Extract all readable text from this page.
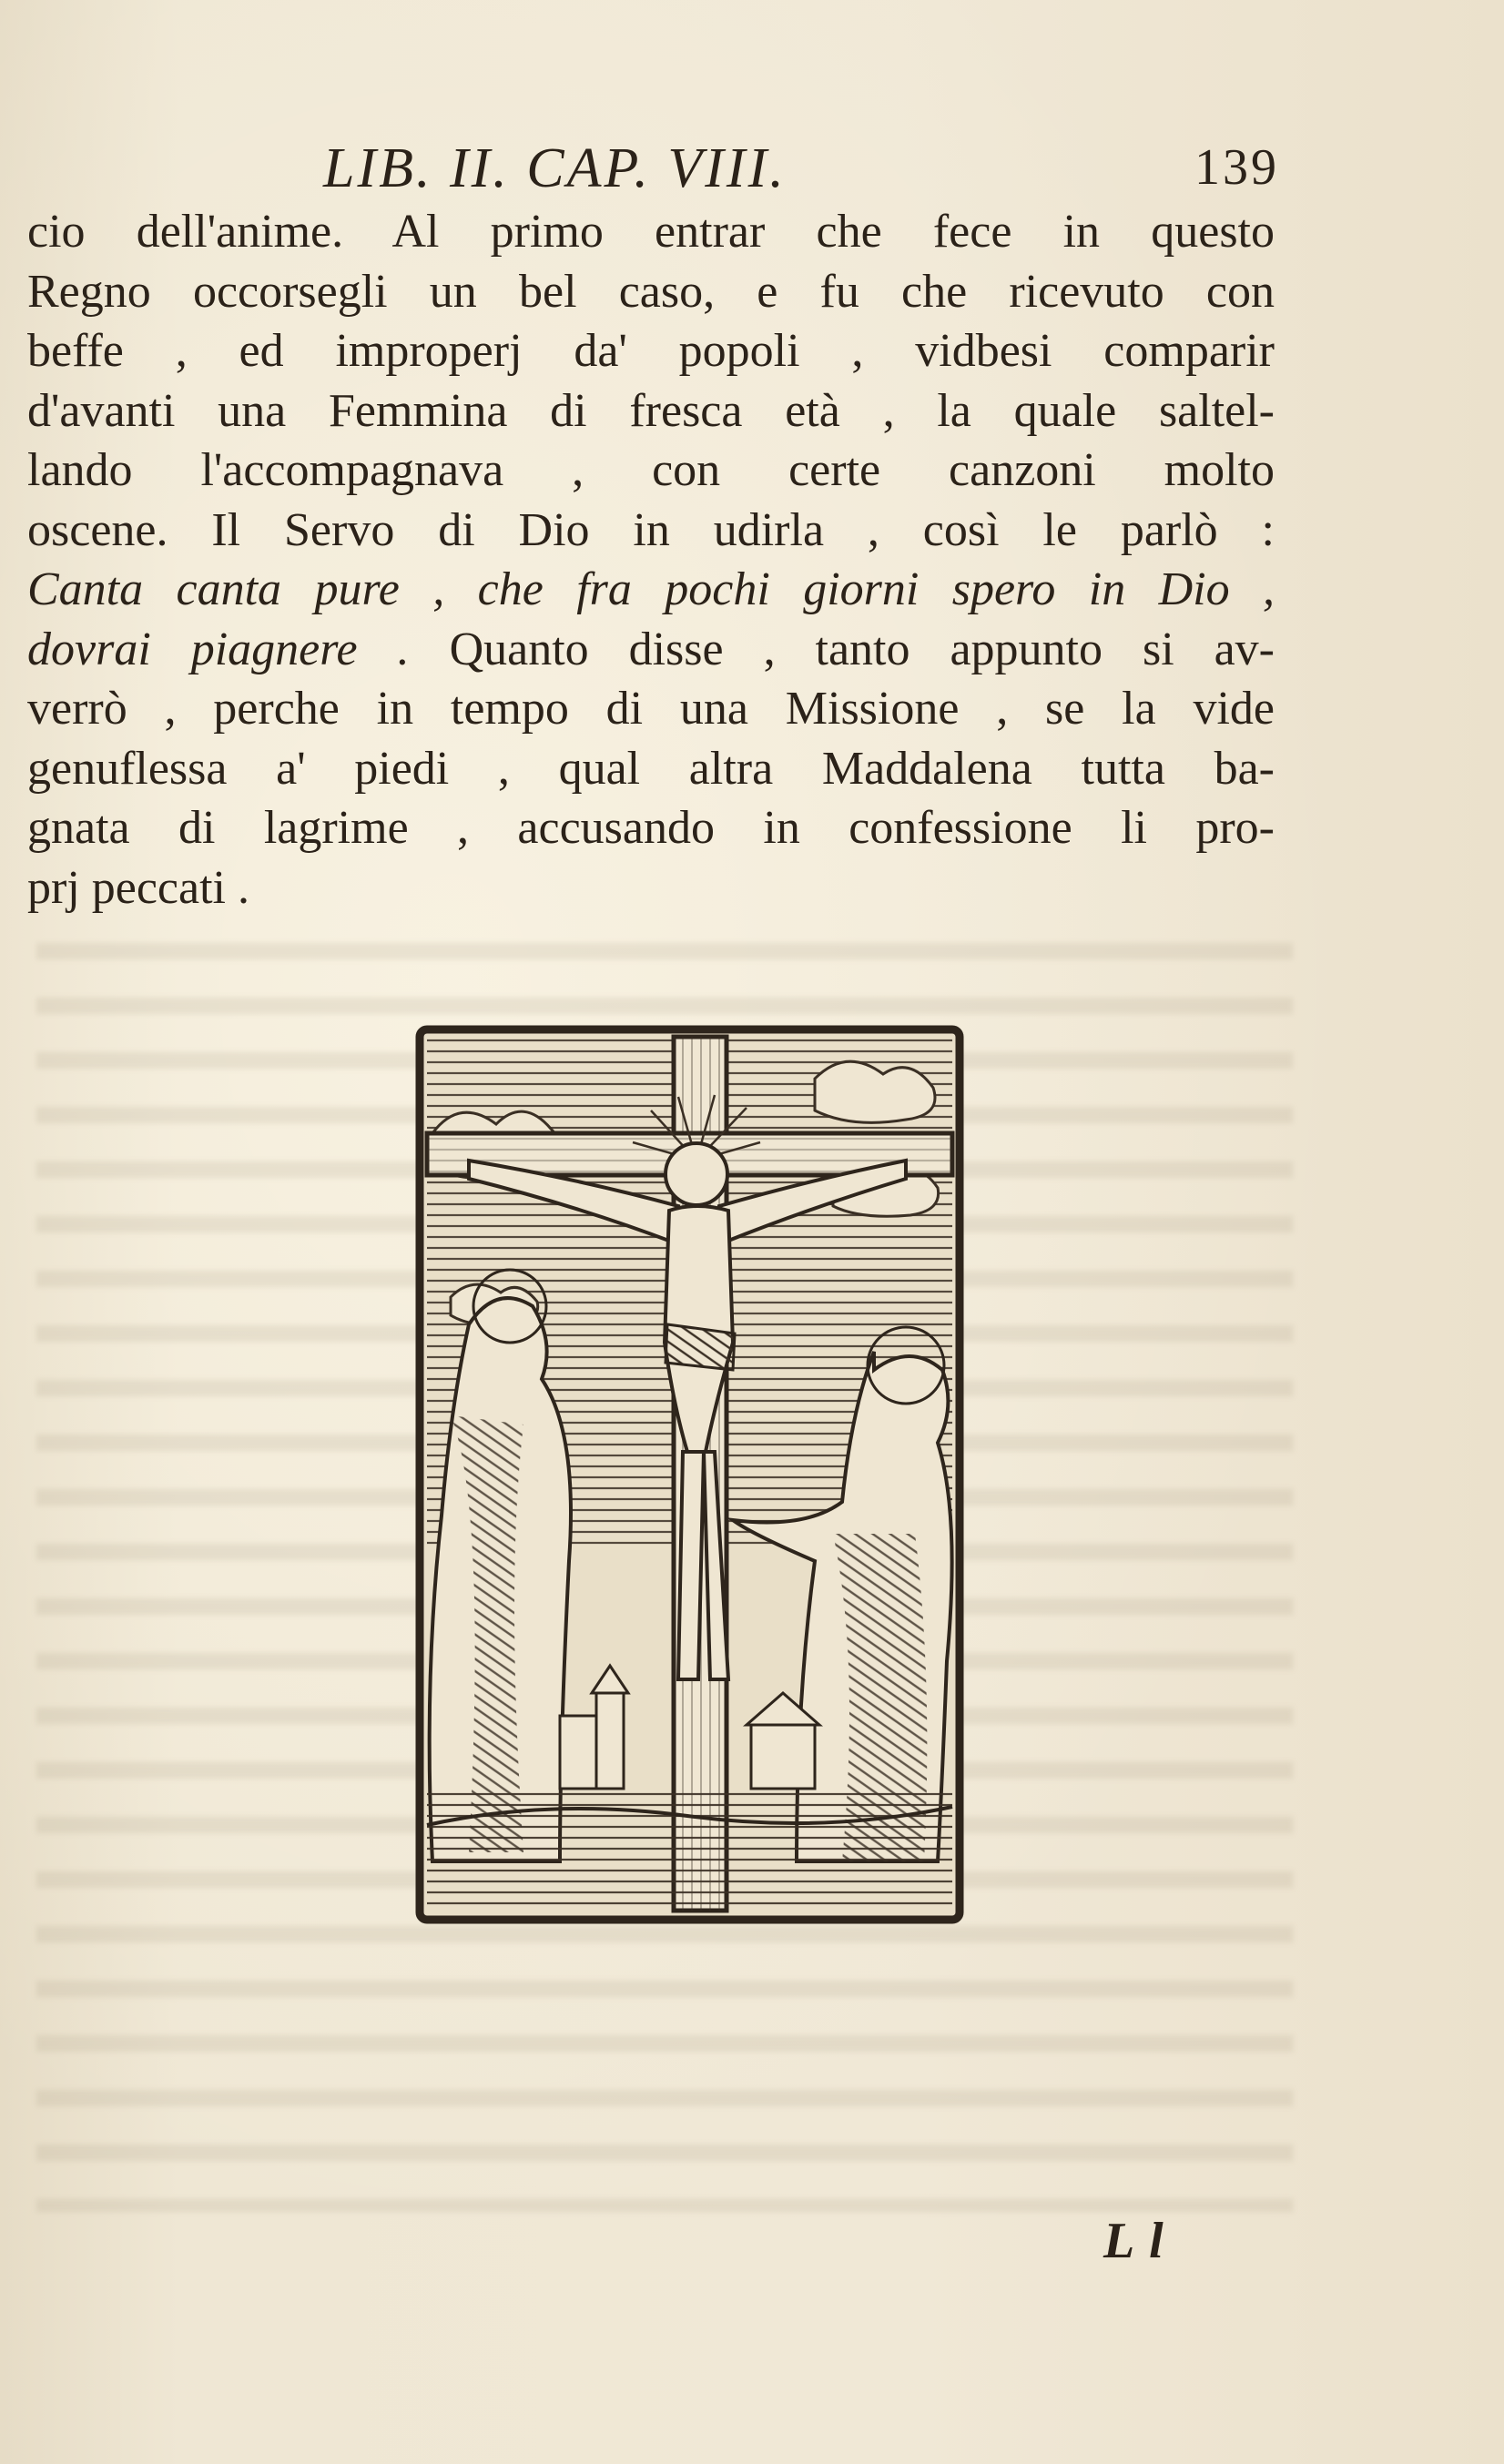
LIB. II. CAP. VIII.	139
cio dell'anime. Al primo entrar che fece in questo
Regno occorsegli un bel caso, e fu che ricevuto con
beffe , ed improperj da' popoli , vidbesi comparir
d'avanti una Femmina di fresca età , la quale saltel-
lando l'accompagnava , con certe canzoni molto
oscene. Il Servo di Dio in udirla , così le parlò :
Canta canta pure , che fra pochi giorni spero in Dio ,
dovrai piagnere . Quanto disse , tanto appunto si av-
verrò , perche in tempo di una Missione , se la vide
genuflessa a' piedi , qual altra Maddalena tutta ba-
gnata di lagrime , accusando in confessione li pro-
prj peccati .
L l
